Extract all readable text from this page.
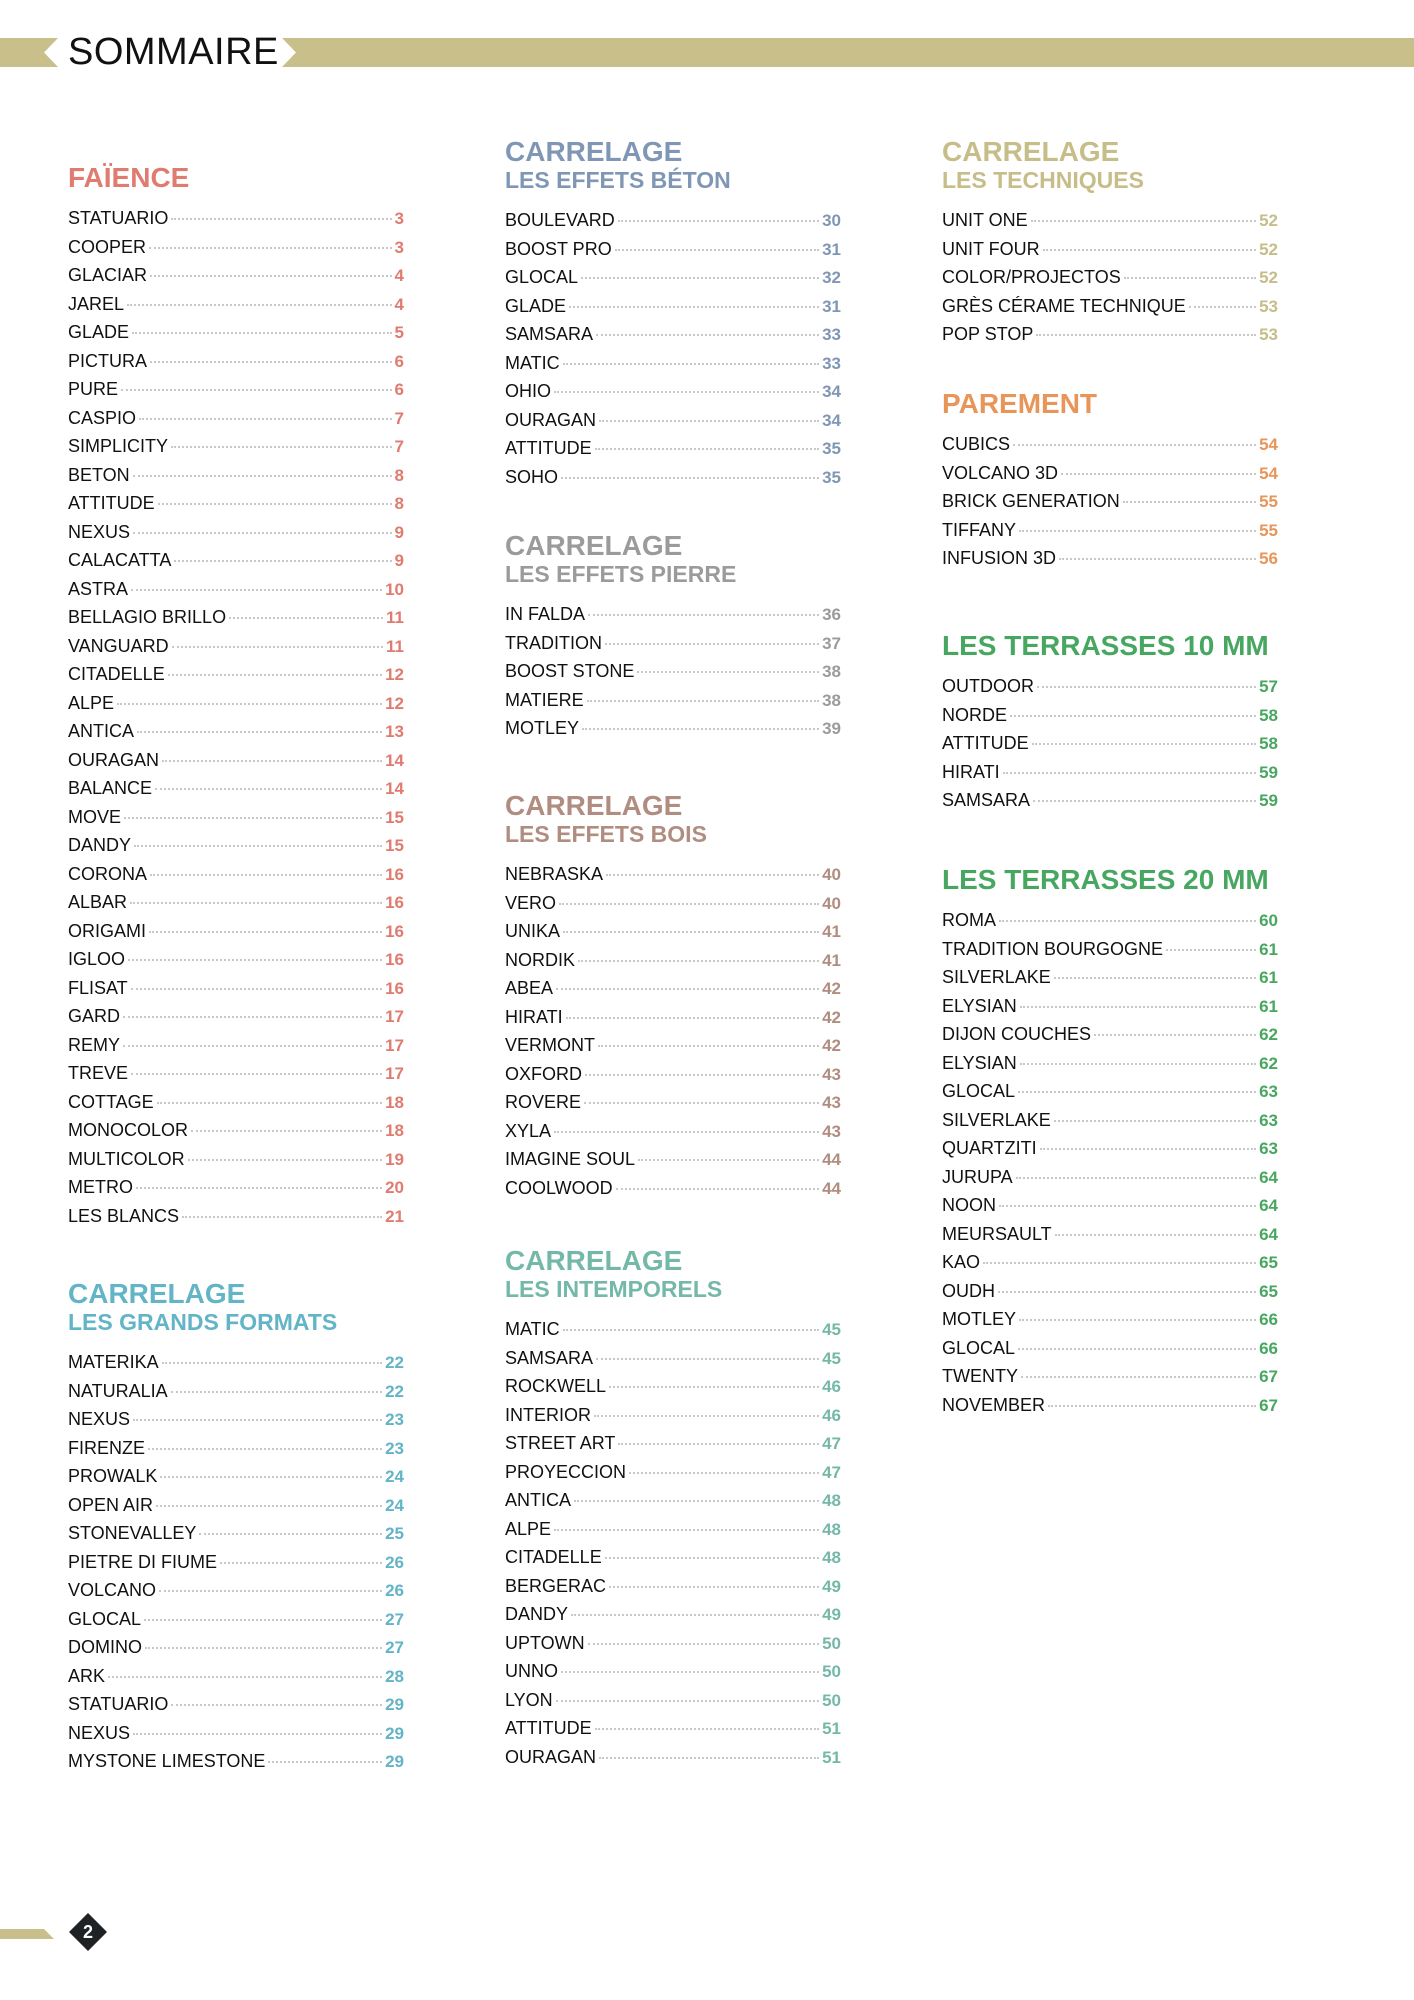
SOMMAIRE
FAÏENCE
STATUARIO	3
COOPER	3
GLACIAR	4
JAREL	4
GLADE	5
PICTURA	6
PURE	6
CASPIO	7
SIMPLICITY	7
BETON	8
ATTITUDE	8
NEXUS	9
CALACATTA	9
ASTRA	10
BELLAGIO BRILLO	11
VANGUARD	11
CITADELLE	12
ALPE	12
ANTICA	13
OURAGAN	14
BALANCE	14
MOVE	15
DANDY	15
CORONA	16
ALBAR	16
ORIGAMI	16
IGLOO	16
FLISAT	16
GARD	17
REMY	17
TREVE	17
COTTAGE	18
MONOCOLOR	18
MULTICOLOR	19
METRO	20
LES BLANCS	21
CARRELAGE
LES GRANDS FORMATS
MATERIKA	22
NATURALIA	22
NEXUS	23
FIRENZE	23
PROWALK	24
OPEN AIR	24
STONEVALLEY	25
PIETRE DI FIUME	26
VOLCANO	26
GLOCAL	27
DOMINO	27
ARK	28
STATUARIO	29
NEXUS	29
MYSTONE LIMESTONE	29
CARRELAGE
LES EFFETS BÉTON
BOULEVARD	30
BOOST PRO	31
GLOCAL	32
GLADE	31
SAMSARA	33
MATIC	33
OHIO	34
OURAGAN	34
ATTITUDE	35
SOHO	35
CARRELAGE
LES EFFETS PIERRE
IN FALDA	36
TRADITION	37
BOOST STONE	38
MATIERE	38
MOTLEY	39
CARRELAGE
LES EFFETS BOIS
NEBRASKA	40
VERO	40
UNIKA	41
NORDIK	41
ABEA	42
HIRATI	42
VERMONT	42
OXFORD	43
ROVERE	43
XYLA	43
IMAGINE SOUL	44
COOLWOOD	44
CARRELAGE
LES INTEMPORELS
MATIC	45
SAMSARA	45
ROCKWELL	46
INTERIOR	46
STREET ART	47
PROYECCION	47
ANTICA	48
ALPE	48
CITADELLE	48
BERGERAC	49
DANDY	49
UPTOWN	50
UNNO	50
LYON	50
ATTITUDE	51
OURAGAN	51
CARRELAGE
LES TECHNIQUES
UNIT ONE	52
UNIT FOUR	52
COLOR/PROJECTOS	52
GRÈS CÉRAME TECHNIQUE	53
POP STOP	53
PAREMENT
CUBICS	54
VOLCANO 3D	54
BRICK GENERATION	55
TIFFANY	55
INFUSION 3D	56
LES TERRASSES 10 MM
OUTDOOR	57
NORDE	58
ATTITUDE	58
HIRATI	59
SAMSARA	59
LES TERRASSES 20 MM
ROMA	60
TRADITION BOURGOGNE	61
SILVERLAKE	61
ELYSIAN	61
DIJON COUCHES	62
ELYSIAN	62
GLOCAL	63
SILVERLAKE	63
QUARTZITI	63
JURUPA	64
NOON	64
MEURSAULT	64
KAO	65
OUDH	65
MOTLEY	66
GLOCAL	66
TWENTY	67
NOVEMBER	67
2
